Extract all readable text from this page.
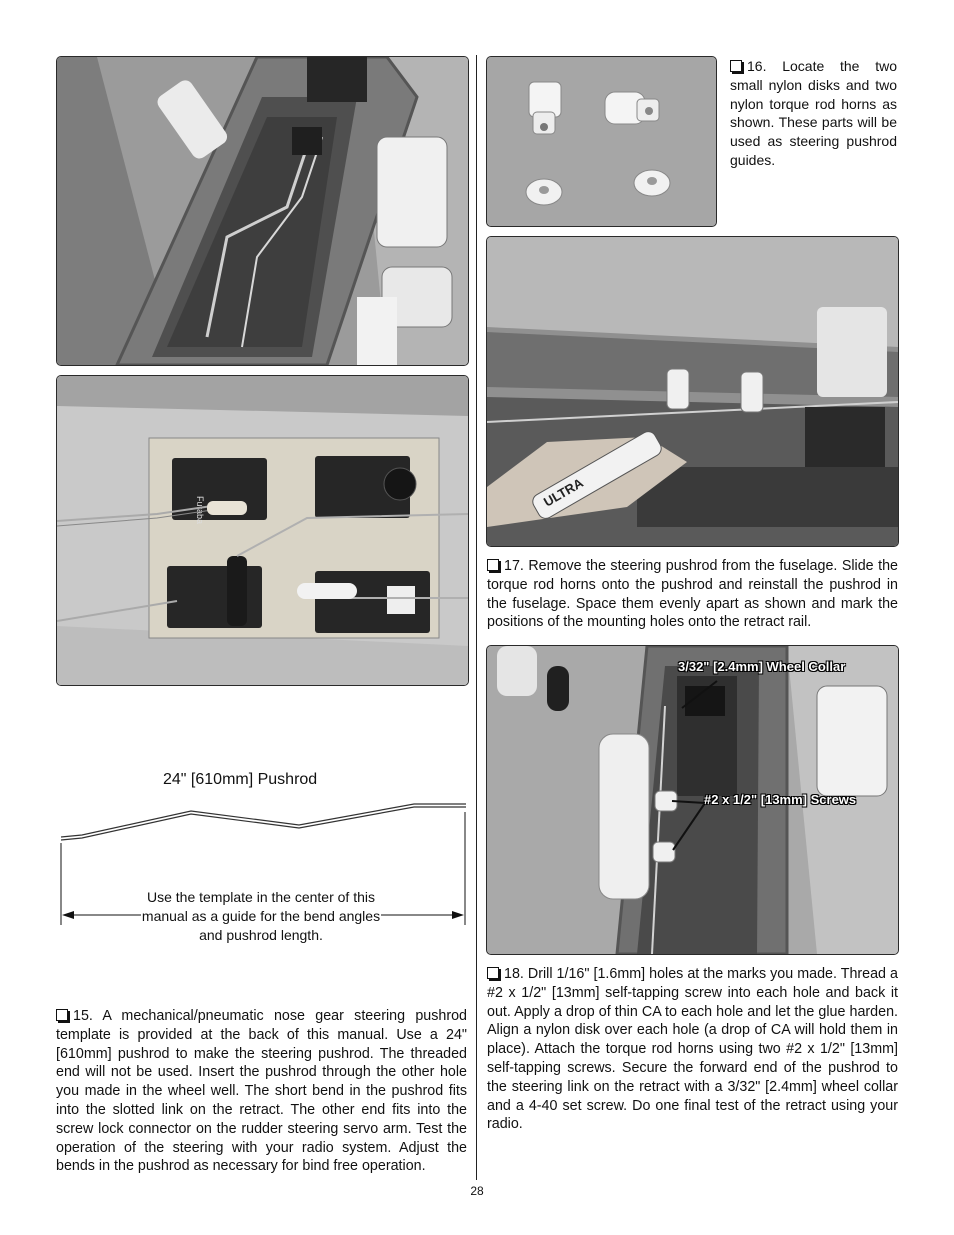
Futaba
24" [610mm] Pushrod
Use the template in the center of this manual as a guide for the bend angles and pushrod length.
15. A mechanical/pneumatic nose gear steering pushrod template is provided at the back of this manual. Use a 24" [610mm] pushrod to make the steering pushrod. The threaded end will not be used. Insert the pushrod through the other hole you made in the wheel well. The short bend in the pushrod fits into the slotted link on the retract. The other end fits into the screw lock connector on the rudder steering servo arm. Test the operation of the steering with your radio system. Adjust the bends in the pushrod as necessary for bind free operation.
16. Locate the two small nylon disks and two nylon torque rod horns as shown. These parts will be used as steering pushrod guides.
ULTRA
17. Remove the steering pushrod from the fuselage. Slide the torque rod horns onto the pushrod and reinstall the pushrod in the fuselage. Space them evenly apart as shown and mark the positions of the mounting holes onto the retract rail.
3/32" [2.4mm] Wheel Collar
#2 x 1/2" [13mm] Screws
18. Drill 1/16" [1.6mm] holes at the marks you made. Thread a #2 x 1/2" [13mm] self-tapping screw into each hole and back it out. Apply a drop of thin CA to each hole and let the glue harden. Align a nylon disk over each hole (a drop of CA will hold them in place). Attach the torque rod horns using two #2 x 1/2" [13mm] self-tapping screws. Secure the forward end of the pushrod to the steering link on the retract with a 3/32" [2.4mm] wheel collar and a 4-40 set screw. Do one final test of the retract using your radio.
28
